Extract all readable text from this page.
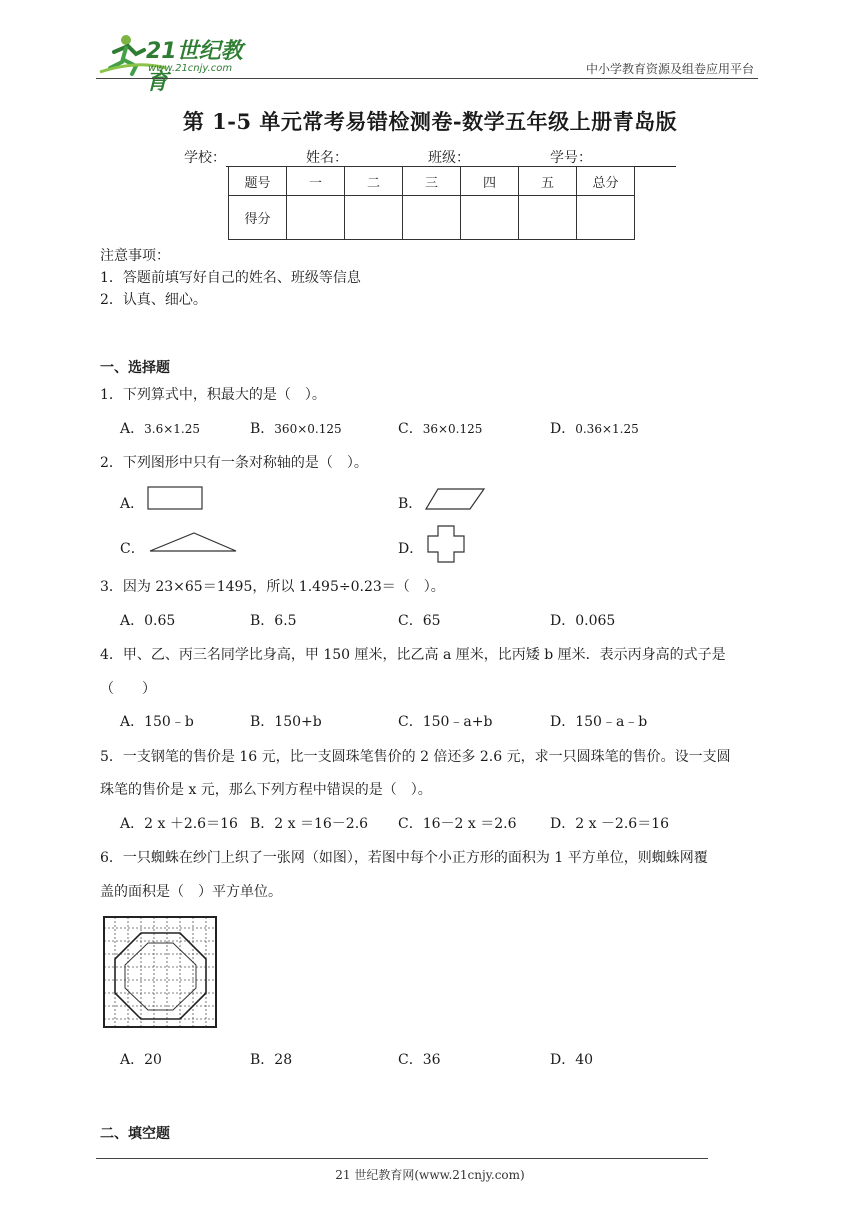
21世纪教育
www.21cnjy.com	中小学教育资源及组卷应用平台
第 1-5 单元常考易错检测卷-数学五年级上册青岛版
学校：	姓名：	班级：	学号：
题号	一	二	三	四	五	总分
得分						
注意事项：
1．答题前填写好自己的姓名、班级等信息
2．认真、细心。
一、选择题
1．下列算式中，积最大的是（　）。
A．3.6×1.25	B．360×0.125	C．36×0.125	D．0.36×1.25
2．下列图形中只有一条对称轴的是（　）。
A．	B．
C．	D．
3．因为 23×65＝1495，所以 1.495÷0.23＝（　）。
A．0.65	B．6.5	C．65	D．0.065
4．甲、乙、丙三名同学比身高，甲 150 厘米，比乙高 a 厘米，比丙矮 b 厘米．表示丙身高的式子是
（　　）
A．150﹣b	B．150+b	C．150﹣a+b	D．150﹣a﹣b
5．一支钢笔的售价是 16 元，比一支圆珠笔售价的 2 倍还多 2.6 元，求一只圆珠笔的售价。设一支圆
珠笔的售价是 x 元，那么下列方程中错误的是（　）。
A．2 x ＋2.6＝16 B．2 x ＝16－2.6 C．16－2 x ＝2.6 D．2 x －2.6＝16
6．一只蜘蛛在纱门上织了一张网（如图），若图中每个小正方形的面积为 1 平方单位，则蜘蛛网覆
盖的面积是（　）平方单位。
A．20	B．28	C．36	D．40
二、填空题
21 世纪教育网(www.21cnjy.com)
